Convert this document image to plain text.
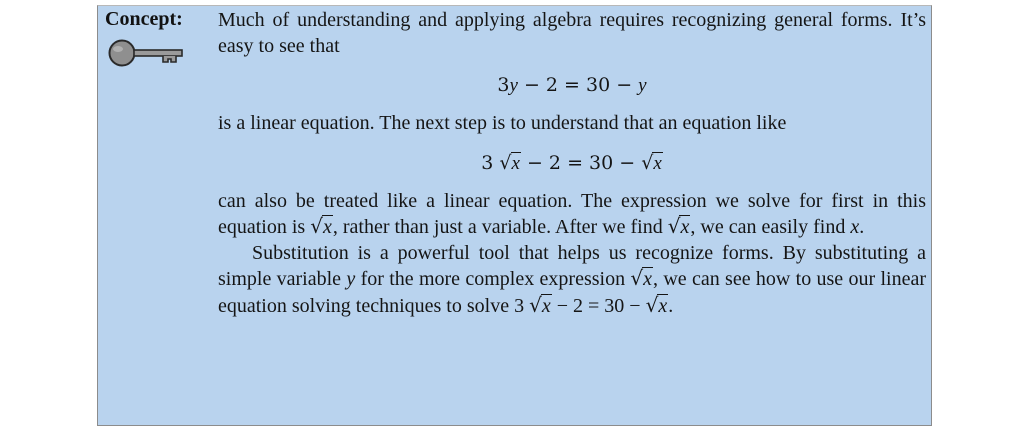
Concept: Much of understanding and applying algebra requires recognizing general forms. It’s easy to see that

3y − 2 = 30 − y

is a linear equation. The next step is to understand that an equation like

3 √x − 2 = 30 − √x

can also be treated like a linear equation. The expression we solve for first in this equation is √x, rather than just a variable. After we find √x, we can easily find x.

Substitution is a powerful tool that helps us recognize forms. By substituting a simple variable y for the more complex expression √x, we can see how to use our linear equation solving techniques to solve 3 √x − 2 = 30 − √x.
